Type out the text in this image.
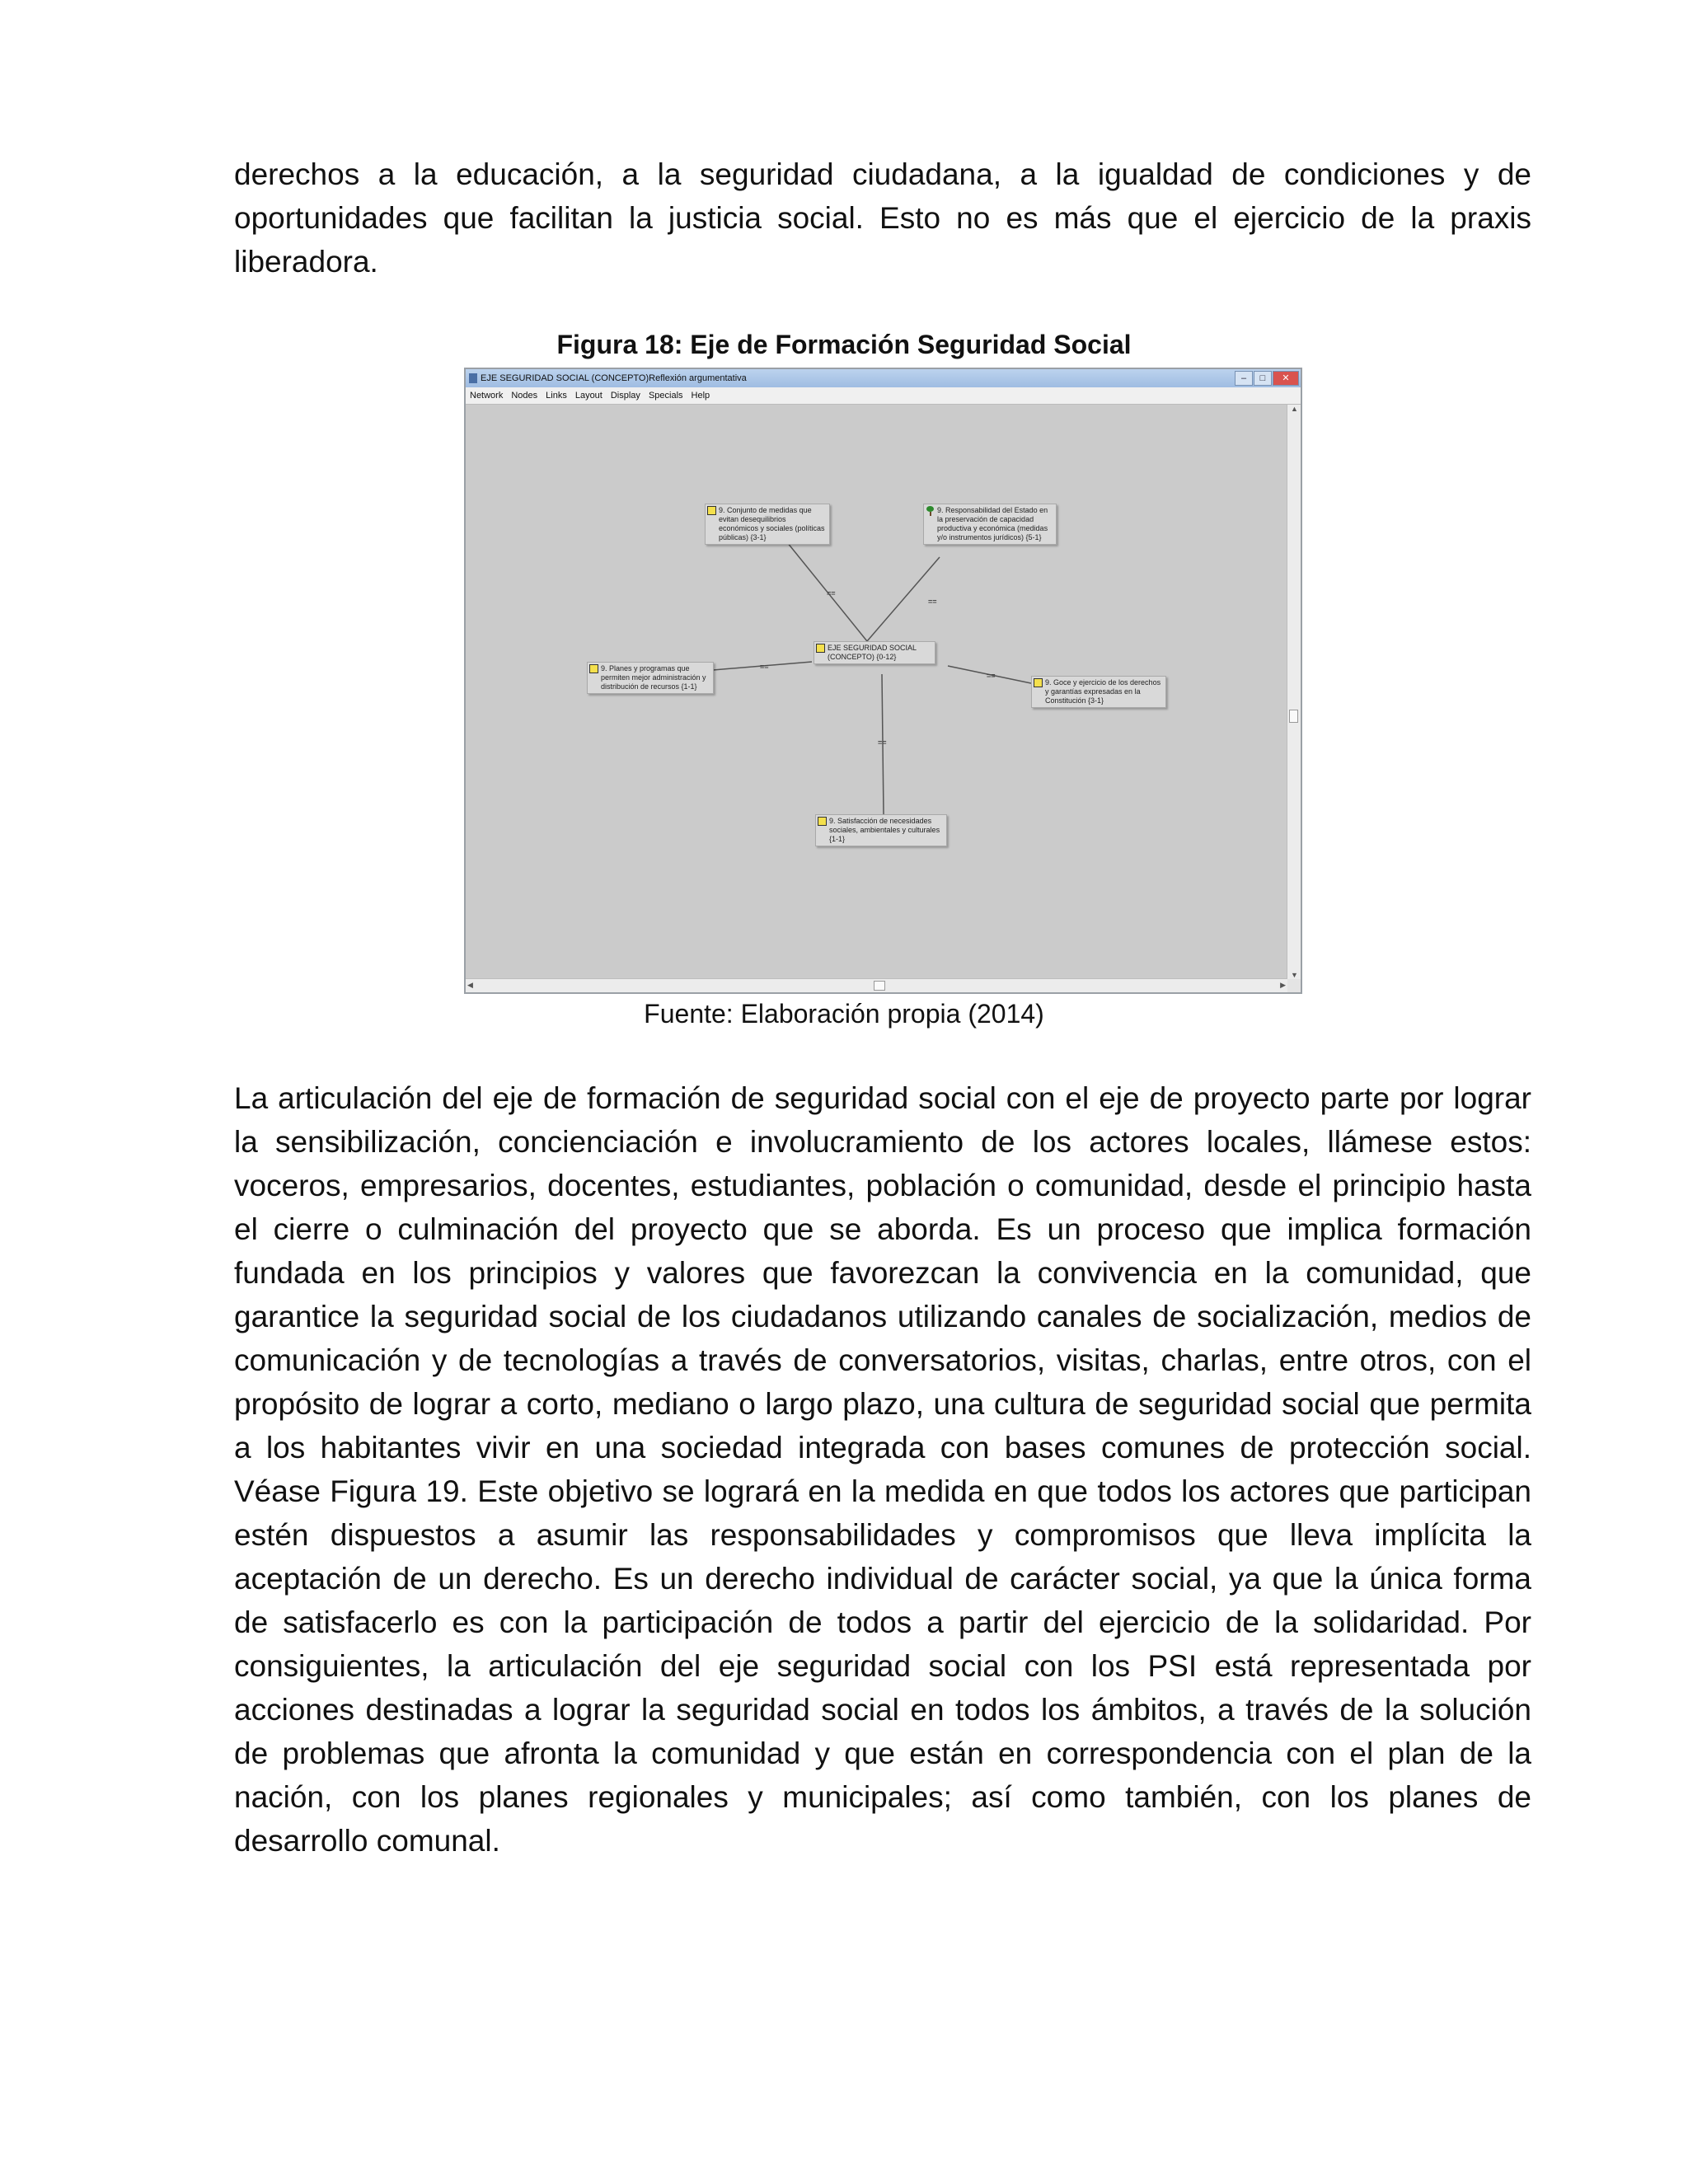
derechos a la educación, a la seguridad ciudadana, a la igualdad de condiciones y de oportunidades que facilitan la justicia social. Esto no es más que el ejercicio de la praxis liberadora.

Figura 18: Eje de Formación Seguridad Social
EJE SEGURIDAD SOCIAL (CONCEPTO)Reflexión argumentativa	–	□	✕
Network Nodes Links Layout Display Specials Help
==
==
==
==
==
EJE SEGURIDAD SOCIAL (CONCEPTO) {0-12}
9. Conjunto de medidas que evitan desequilibrios económicos y sociales (políticas públicas) {3-1}
9. Responsabilidad del Estado en la preservación de capacidad productiva y económica (medidas y/o instrumentos jurídicos) {5-1}
9. Planes y programas que permiten mejor administración y distribución de recursos {1-1}	9. Goce y ejercicio de los derechos y garantías expresadas en la Constitución {3-1}
9. Satisfacción de necesidades sociales, ambientales y culturales {1-1}
▲
▼
◀	▶
Fuente: Elaboración propia (2014)

La articulación del eje de formación de seguridad social con el eje de proyecto parte por lograr la sensibilización, concienciación e involucramiento de los actores locales, llámese estos: voceros, empresarios, docentes, estudiantes, población o comunidad, desde el principio hasta el cierre o culminación del proyecto que se aborda. Es un proceso que implica formación fundada en los principios y valores que favorezcan la convivencia en la comunidad, que garantice la seguridad social de los ciudadanos utilizando canales de socialización, medios de comunicación y de tecnologías a través de conversatorios, visitas, charlas, entre otros, con el propósito de lograr a corto, mediano o largo plazo, una cultura de seguridad social que permita a los habitantes vivir en una sociedad integrada con bases comunes de protección social. Véase Figura 19. Este objetivo se logrará en la medida en que todos los actores que participan estén dispuestos a asumir las responsabilidades y compromisos que lleva implícita la aceptación de un derecho. Es un derecho individual de carácter social, ya que la única forma de satisfacerlo es con la participación de todos a partir del ejercicio de la solidaridad. Por consiguientes, la articulación del eje seguridad social con los PSI está representada por acciones destinadas a lograr la seguridad social en todos los ámbitos, a través de la solución de problemas que afronta la comunidad y que están en correspondencia con el plan de la nación, con los planes regionales y municipales; así como también, con los planes de desarrollo comunal.
